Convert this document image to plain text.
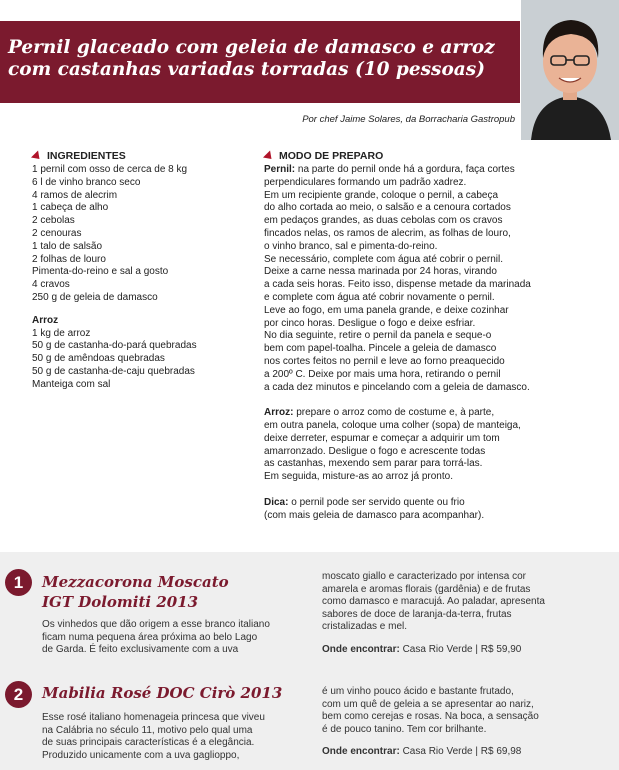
Pernil glaceado com geleia de damasco e arroz
com castanhas variadas torradas (10 pessoas)
Por chef Jaime Solares, da Borracharia Gastropub
INGREDIENTES
1 pernil com osso de cerca de 8 kg
6 l de vinho branco seco
4 ramos de alecrim
1 cabeça de alho
2 cebolas
2 cenouras
1 talo de salsão
2 folhas de louro
Pimenta-do-reino e sal a gosto
4 cravos
250 g de geleia de damasco
Arroz
1 kg de arroz
50 g de castanha-do-pará quebradas
50 g de amêndoas quebradas
50 g de castanha-de-caju quebradas
Manteiga com sal
MODO DE PREPARO
Pernil: na parte do pernil onde há a gordura, faça cortes
perpendiculares formando um padrão xadrez.
Em um recipiente grande, coloque o pernil, a cabeça
do alho cortada ao meio, o salsão e a cenoura cortados
em pedaços grandes, as duas cebolas com os cravos
fincados nelas, os ramos de alecrim, as folhas de louro,
o vinho branco, sal e pimenta-do-reino.
Se necessário, complete com água até cobrir o pernil.
Deixe a carne nessa marinada por 24 horas, virando
a cada seis horas. Feito isso, dispense metade da marinada
e complete com água até cobrir novamente o pernil.
Leve ao fogo, em uma panela grande, e deixe cozinhar
por cinco horas. Desligue o fogo e deixe esfriar.
No dia seguinte, retire o pernil da panela e seque-o
bem com papel-toalha. Pincele a geleia de damasco
nos cortes feitos no pernil e leve ao forno preaquecido
a 200º C. Deixe por mais uma hora, retirando o pernil
a cada dez minutos e pincelando com a geleia de damasco.
Arroz: prepare o arroz como de costume e, à parte,
em outra panela, coloque uma colher (sopa) de manteiga,
deixe derreter, espumar e começar a adquirir um tom
amarronzado. Desligue o fogo e acrescente todas
as castanhas, mexendo sem parar para torrá-las.
Em seguida, misture-as ao arroz já pronto.
Dica: o pernil pode ser servido quente ou frio
(com mais geleia de damasco para acompanhar).
1	Mezzacorona Moscato
IGT Dolomiti 2013
Os vinhedos que dão origem a esse branco italiano
ficam numa pequena área próxima ao belo Lago
de Garda. É feito exclusivamente com a uva
moscato giallo e caracterizado por intensa cor
amarela e aromas florais (gardênia) e de frutas
como damasco e maracujá. Ao paladar, apresenta
sabores de doce de laranja-da-terra, frutas
cristalizadas e mel.
Onde encontrar: Casa Rio Verde | R$ 59,90
2	Mabilia Rosé DOC Cirò 2013
Esse rosé italiano homenageia princesa que viveu
na Calábria no século 11, motivo pelo qual uma
de suas principais características é a elegância.
Produzido unicamente com a uva gaglioppo,
é um vinho pouco ácido e bastante frutado,
com um quê de geleia a se apresentar ao nariz,
bem como cerejas e rosas. Na boca, a sensação
é de pouco tanino. Tem cor brilhante.
Onde encontrar: Casa Rio Verde | R$ 69,98
